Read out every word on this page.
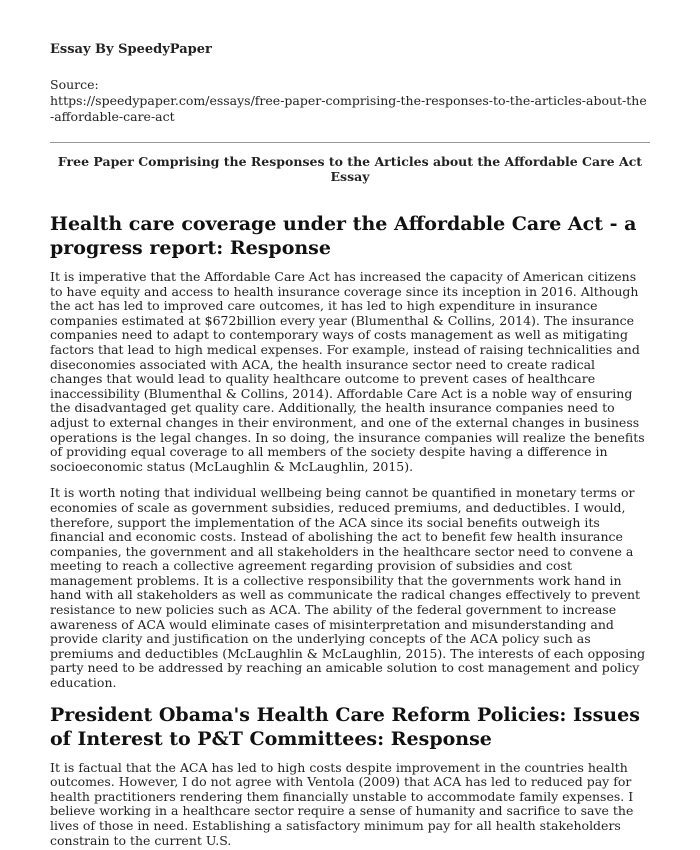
Essay By SpeedyPaper
Source:
https://speedypaper.com/essays/free-paper-comprising-the-responses-to-the-articles-about-the-affordable-care-act
Free Paper Comprising the Responses to the Articles about the Affordable Care Act Essay
Health care coverage under the Affordable Care Act - a progress report: Response

It is imperative that the Affordable Care Act has increased the capacity of American citizens to have equity and access to health insurance coverage since its inception in 2016. Although the act has led to improved care outcomes, it has led to high expenditure in insurance companies estimated at $672billion every year (Blumenthal & Collins, 2014). The insurance companies need to adapt to contemporary ways of costs management as well as mitigating factors that lead to high medical expenses. For example, instead of raising technicalities and diseconomies associated with ACA, the health insurance sector need to create radical changes that would lead to quality healthcare outcome to prevent cases of healthcare inaccessibility (Blumenthal & Collins, 2014). Affordable Care Act is a noble way of ensuring the disadvantaged get quality care. Additionally, the health insurance companies need to adjust to external changes in their environment, and one of the external changes in business operations is the legal changes. In so doing, the insurance companies will realize the benefits of providing equal coverage to all members of the society despite having a difference in socioeconomic status (McLaughlin & McLaughlin, 2015).

It is worth noting that individual wellbeing being cannot be quantified in monetary terms or economies of scale as government subsidies, reduced premiums, and deductibles. I would, therefore, support the implementation of the ACA since its social benefits outweigh its financial and economic costs. Instead of abolishing the act to benefit few health insurance companies, the government and all stakeholders in the healthcare sector need to convene a meeting to reach a collective agreement regarding provision of subsidies and cost management problems. It is a collective responsibility that the governments work hand in hand with all stakeholders as well as communicate the radical changes effectively to prevent resistance to new policies such as ACA. The ability of the federal government to increase awareness of ACA would eliminate cases of misinterpretation and misunderstanding and provide clarity and justification on the underlying concepts of the ACA policy such as premiums and deductibles (McLaughlin & McLaughlin, 2015). The interests of each opposing party need to be addressed by reaching an amicable solution to cost management and policy education.

President Obama's Health Care Reform Policies: Issues of Interest to P&T Committees: Response

It is factual that the ACA has led to high costs despite improvement in the countries health outcomes. However, I do not agree with Ventola (2009) that ACA has led to reduced pay for health practitioners rendering them financially unstable to accommodate family expenses. I believe working in a healthcare sector require a sense of humanity and sacrifice to save the lives of those in need. Establishing a satisfactory minimum pay for all health stakeholders constrain to the current U.S.
